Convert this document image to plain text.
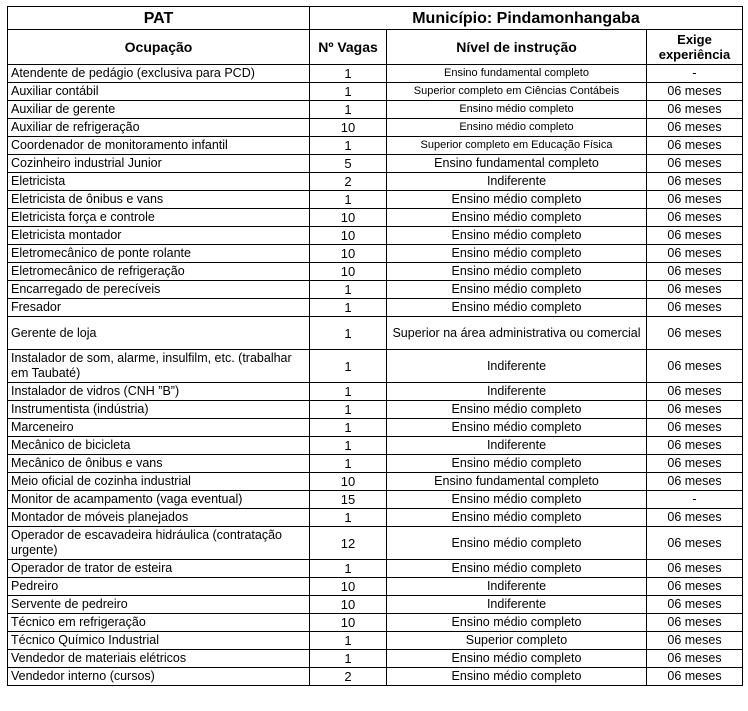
PAT	Município: Pindamonhangaba		
Ocupação	Nº Vagas	Nível de instrução	Exige experiência
Atendente de pedágio (exclusiva para PCD)	1	Ensino fundamental completo	-
Auxiliar contábil	1	Superior completo em Ciências Contábeis	06 meses
Auxiliar de gerente	1	Ensino médio completo	06 meses
Auxiliar de refrigeração	10	Ensino médio completo	06 meses
Coordenador de monitoramento infantil	1	Superior completo em Educação Física	06 meses
Cozinheiro industrial Junior	5	Ensino fundamental completo	06 meses
Eletricista	2	Indiferente	06 meses
Eletricista de ônibus e vans	1	Ensino médio completo	06 meses
Eletricista força e controle	10	Ensino médio completo	06 meses
Eletricista montador	10	Ensino médio completo	06 meses
Eletromecânico de ponte rolante	10	Ensino médio completo	06 meses
Eletromecânico de refrigeração	10	Ensino médio completo	06 meses
Encarregado de perecíveis	1	Ensino médio completo	06 meses
Fresador	1	Ensino médio completo	06 meses
Gerente de loja	1	Superior na área administrativa ou comercial	06 meses
Instalador de som, alarme, insulfilm, etc. (trabalhar em Taubaté)	1	Indiferente	06 meses
Instalador de vidros (CNH ”B”)	1	Indiferente	06 meses
Instrumentista (indústria)	1	Ensino médio completo	06 meses
Marceneiro	1	Ensino médio completo	06 meses
Mecânico de bicicleta	1	Indiferente	06 meses
Mecânico de ônibus e vans	1	Ensino médio completo	06 meses
Meio oficial de cozinha industrial	10	Ensino fundamental completo	06 meses
Monitor de acampamento (vaga eventual)	15	Ensino médio completo	-
Montador de móveis planejados	1	Ensino médio completo	06 meses
Operador de escavadeira hidráulica (contratação urgente)	12	Ensino médio completo	06 meses
Operador de trator de esteira	1	Ensino médio completo	06 meses
Pedreiro	10	Indiferente	06 meses
Servente de pedreiro	10	Indiferente	06 meses
Técnico em refrigeração	10	Ensino médio completo	06 meses
Técnico Químico Industrial	1	Superior completo	06 meses
Vendedor de materiais elétricos	1	Ensino médio completo	06 meses
Vendedor interno (cursos)	2	Ensino médio completo	06 meses
